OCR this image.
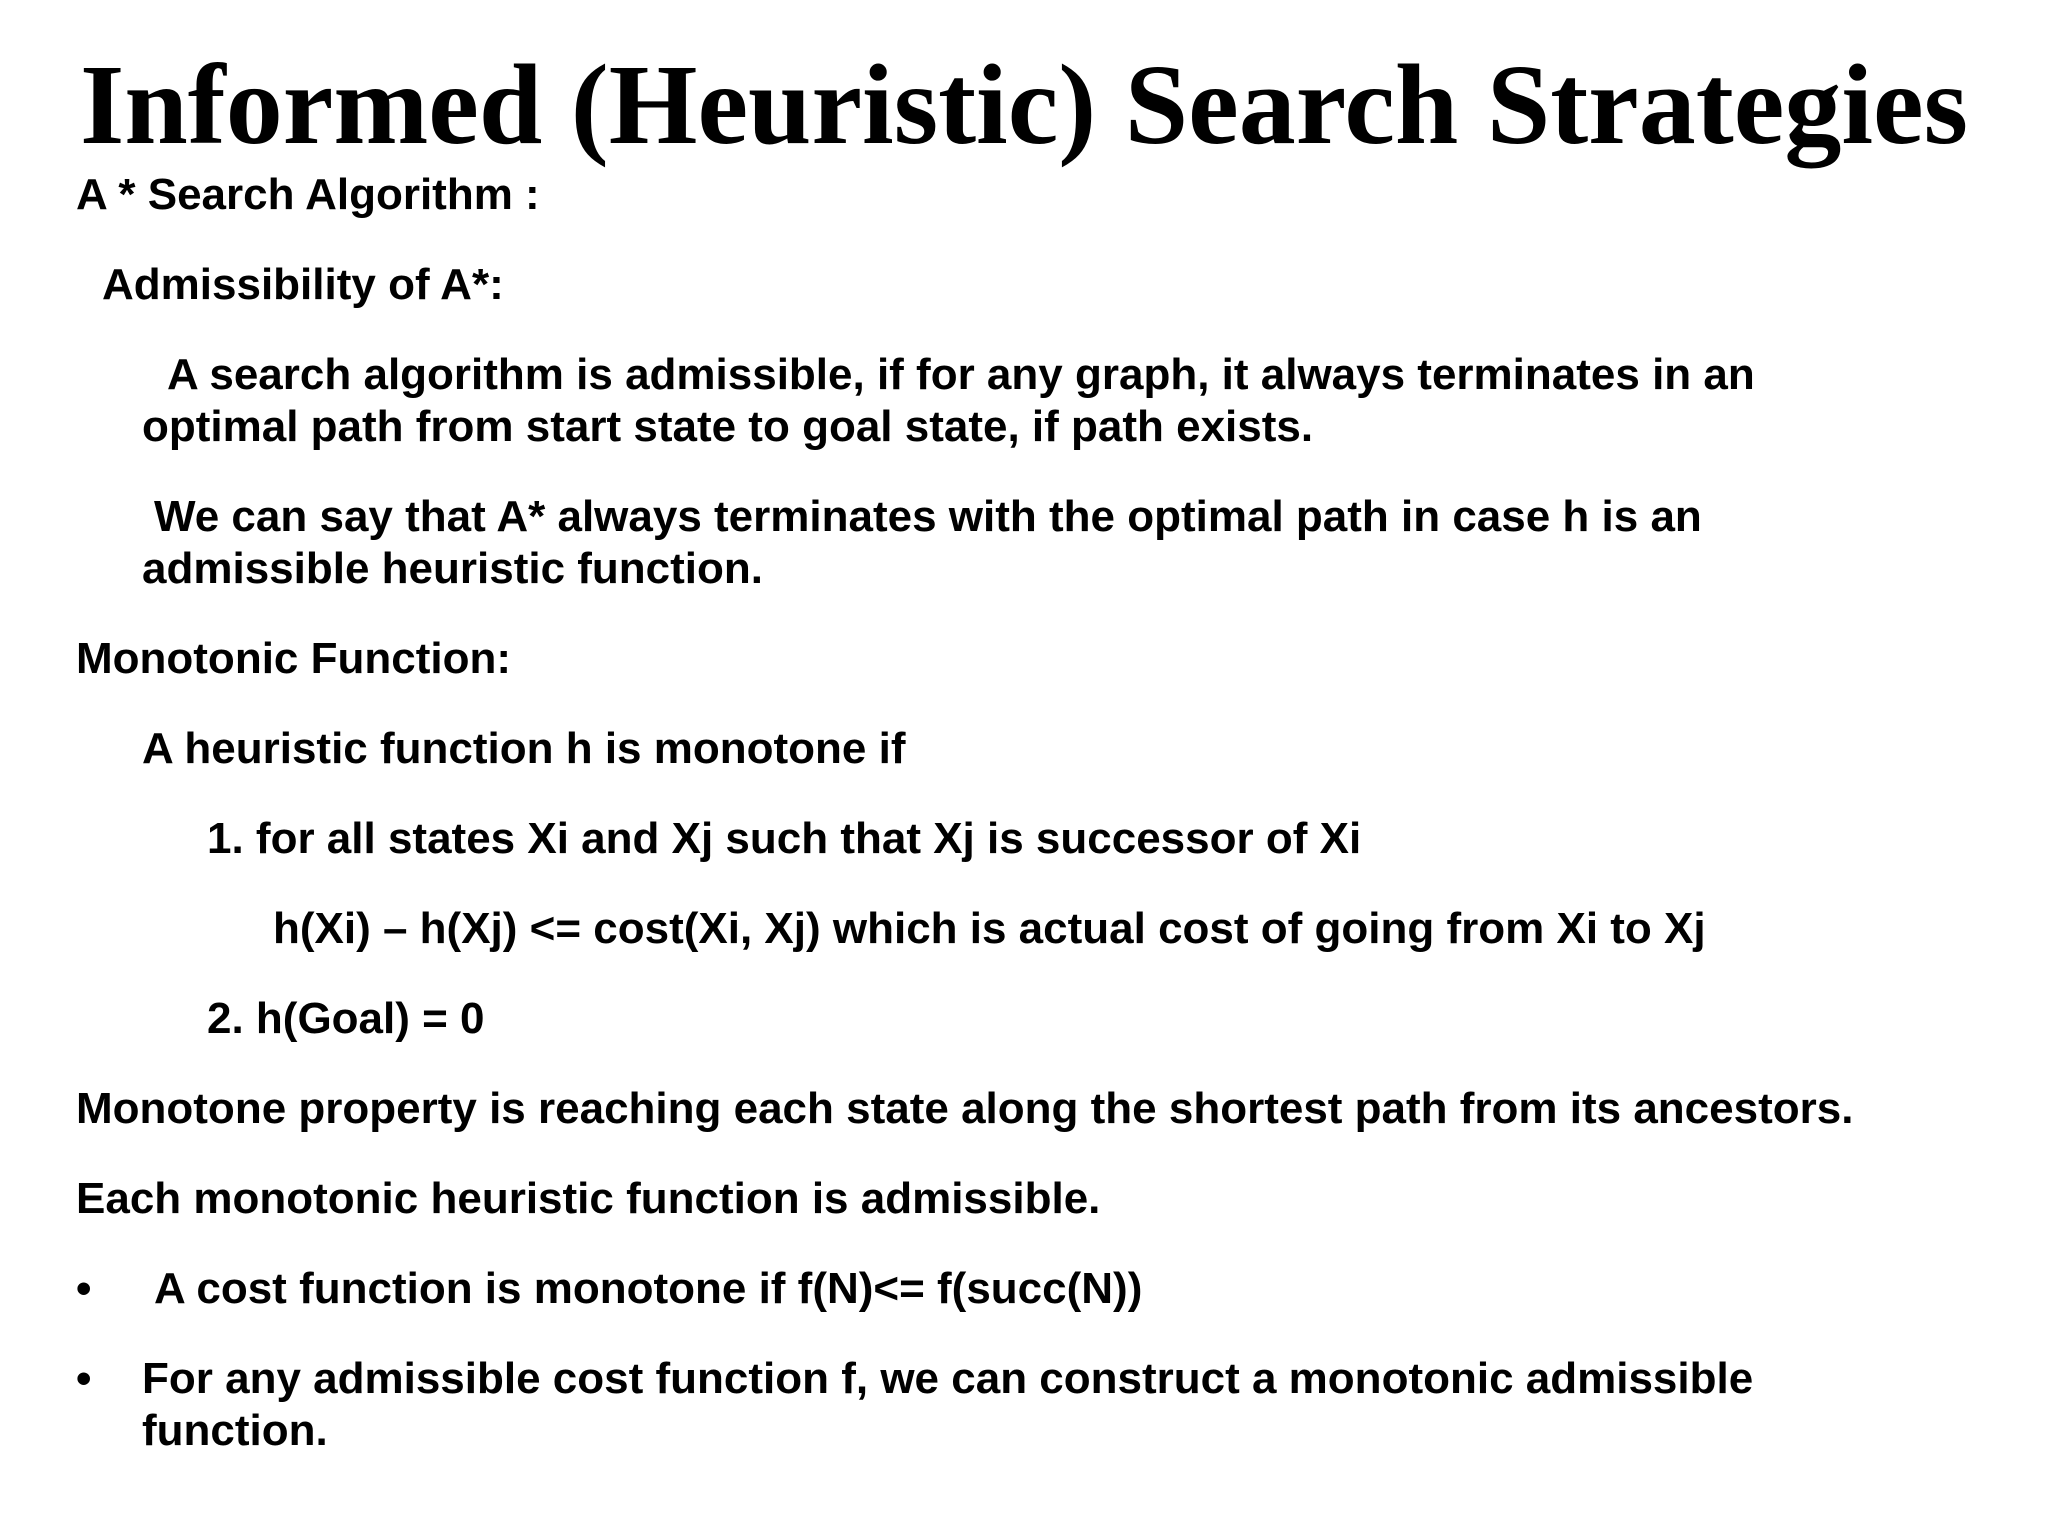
Informed (Heuristic) Search Strategies
A * Search Algorithm :
Admissibility of A*:
A search algorithm is admissible, if for any graph, it always terminates in an
optimal path from start state to goal state, if path exists.
We can say that A* always terminates with the optimal path in case h is an
admissible heuristic function.
Monotonic Function:
A heuristic function h is monotone if
1. for all states Xi and Xj such that Xj is successor of Xi
h(Xi) – h(Xj) <= cost(Xi, Xj) which is actual cost of going from Xi to Xj
2. h(Goal) = 0
Monotone property is reaching each state along the shortest path from its ancestors.
Each monotonic heuristic function is admissible.
• A cost function is monotone if f(N)<= f(succ(N))
• For any admissible cost function f, we can construct a monotonic admissible
function.
